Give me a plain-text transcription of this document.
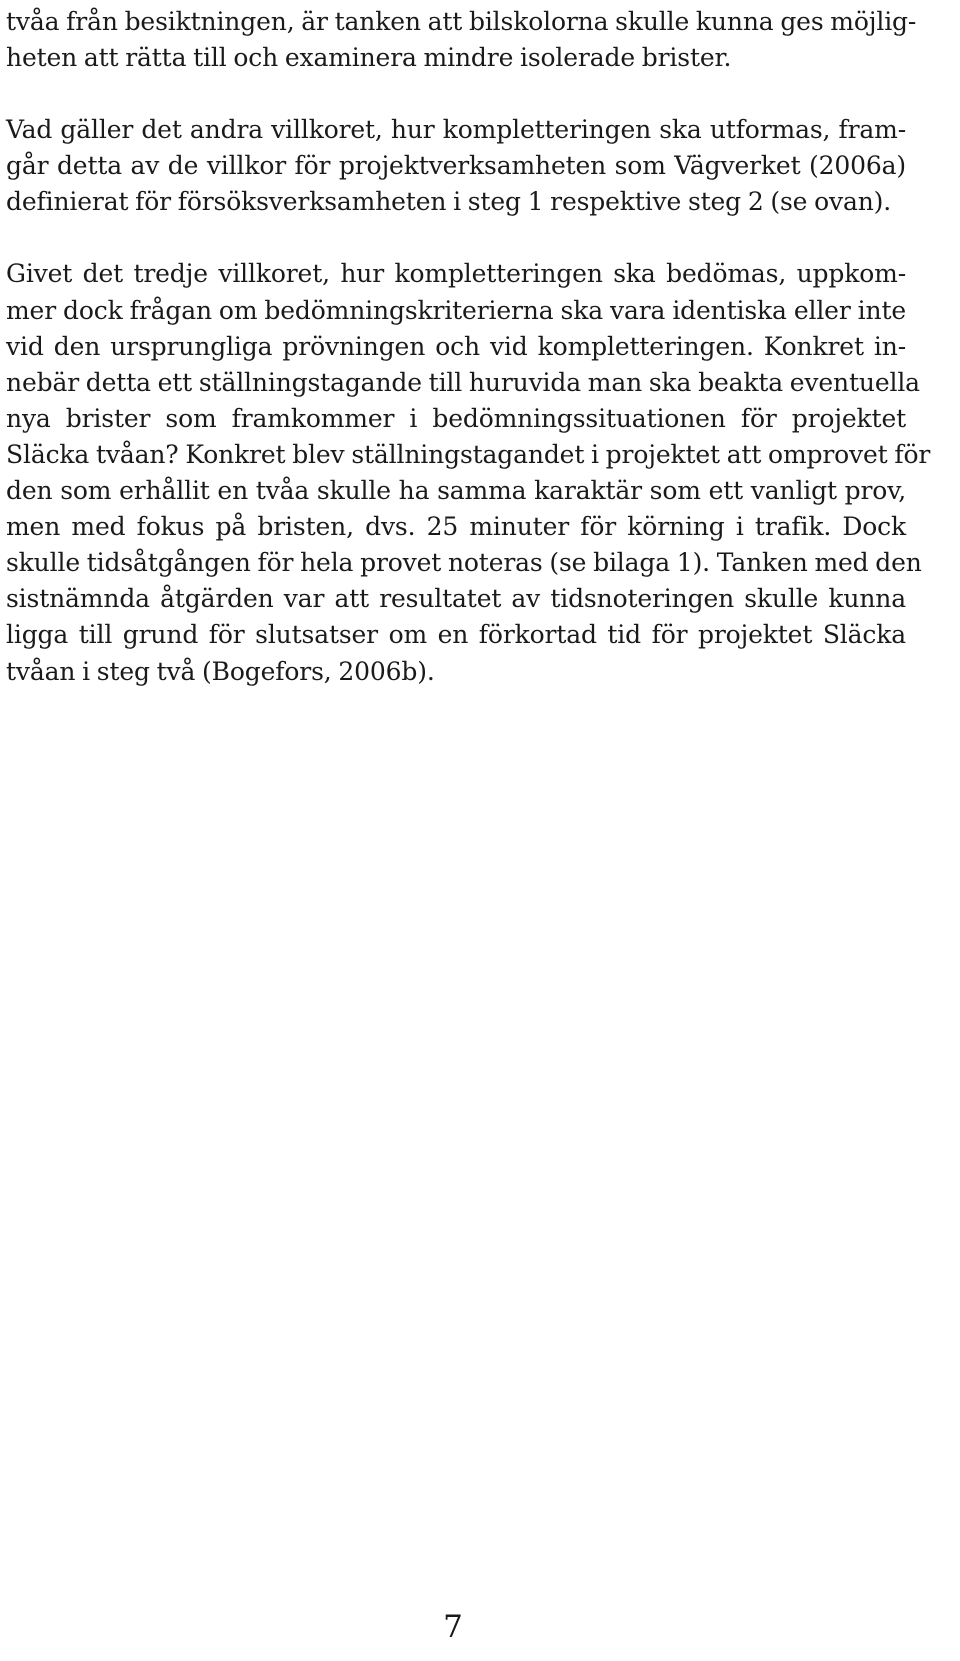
tvåa från besiktningen, är tanken att bilskolorna skulle kunna ges möjlig-
heten att rätta till och examinera mindre isolerade brister.

Vad gäller det andra villkoret, hur kompletteringen ska utformas, fram-
går detta av de villkor för projektverksamheten som Vägverket (2006a)
definierat för försöksverksamheten i steg 1 respektive steg 2 (se ovan).

Givet det tredje villkoret, hur kompletteringen ska bedömas, uppkom-
mer dock frågan om bedömningskriterierna ska vara identiska eller inte
vid den ursprungliga prövningen och vid kompletteringen. Konkret in-
nebär detta ett ställningstagande till huruvida man ska beakta eventuella
nya brister som framkommer i bedömningssituationen för projektet
Släcka tvåan? Konkret blev ställningstagandet i projektet att omprovet för
den som erhållit en tvåa skulle ha samma karaktär som ett vanligt prov,
men med fokus på bristen, dvs. 25 minuter för körning i trafik. Dock
skulle tidsåtgången för hela provet noteras (se bilaga 1). Tanken med den
sistnämnda åtgärden var att resultatet av tidsnoteringen skulle kunna
ligga till grund för slutsatser om en förkortad tid för projektet Släcka
tvåan i steg två (Bogefors, 2006b).

7
